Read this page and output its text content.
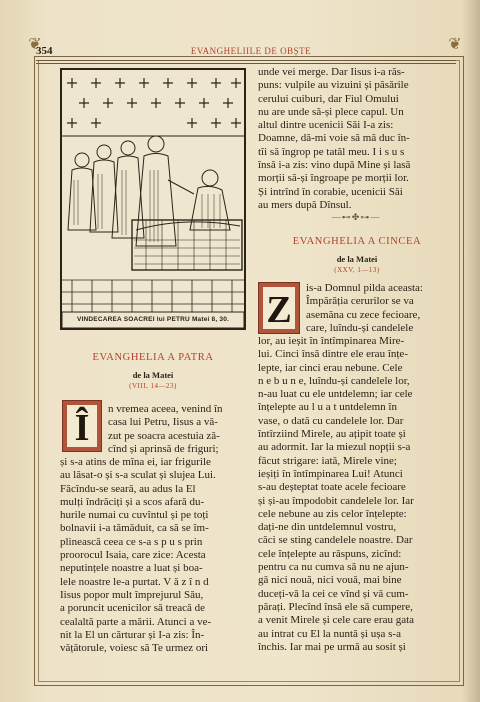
❦	❦
354	EVANGHELIILE DE OBȘTE
VINDECAREA SOACREI lui PETRU Matei 8, 30.
unde vei merge. Dar Iisus i-a răs-
puns: vulpile au vizuini și păsările
cerului cuiburi, dar Fiul Omului
nu are unde să-și plece capul. Un
altul dintre ucenicii Săi I-a zis:
Doamne, dă-mi voie să mă duc în-
tîi să îngrop pe tatăl meu. I i s u s
însă i-a zis: vino după Mine și lasă
morții să-și îngroape pe morții lor.
Și intrînd în corabie, ucenicii Săi
au mers după Dînsul.
—⊷✤⊶—
EVANGHELIA A CINCEA
de la Matei
(XXV, 1—13)
Z
is-a Domnul pilda aceasta:
Împărăția cerurilor se va
asemăna cu zece fecioare,
care, luîndu-și candelele
lor, au ieșit în întîmpinarea Mire-
lui. Cinci însă dintre ele erau înțe-
lepte, iar cinci erau nebune. Cele
n e b u n e, luîndu-și candelele lor,
n-au luat cu ele untdelemn; iar cele
înțelepte au l u a t untdelemn în
vase, o dată cu candelele lor. Dar
întîrziind Mirele, au ațipit toate și
au adormit. Iar la miezul nopții s-a
făcut strigare: iată, Mirele vine;
ieșiți în întîmpinarea Lui! Atunci
s-au deșteptat toate acele fecioare
și și-au împodobit candelele lor. Iar
cele nebune au zis celor înțelepte:
dați-ne din untdelemnul vostru,
căci se sting candelele noastre. Dar
cele înțelepte au răspuns, zicînd:
pentru ca nu cumva să nu ne ajun-
gă nici nouă, nici vouă, mai bine
duceți-vă la cei ce vînd și vă cum-
părați. Plecînd însă ele să cumpere,
a venit Mirele și cele care erau gata
au intrat cu El la nuntă și ușa s-a
închis. Iar mai pe urmă au sosit și
EVANGHELIA A PATRA
de la Matei
(VIII, 14—23)
Î	n vremea aceea, venind în
casa lui Petru, Iisus a vă-
zut pe soacra acestuia ză-
cînd și aprinsă de friguri;
și s-a atins de mîna ei, iar frigurile
au lăsat-o și s-a sculat și slujea Lui.
Făcîndu-se seară, au adus la El
mulți îndrăciți și a scos afară du-
hurile numai cu cuvîntul și pe toți
bolnavii i-a tămăduit, ca să se îm-
plinească ceea ce s-a s p u s prin
proorocul Isaia, care zice: Acesta
neputințele noastre a luat și boa-
lele noastre le-a purtat. V ă z î n d
Iisus popor mult împrejurul Său,
a poruncit ucenicilor să treacă de
cealaltă parte a mării. Atunci a ve-
nit la El un cărturar și I-a zis: În-
vățătorule, voiesc să Te urmez ori
